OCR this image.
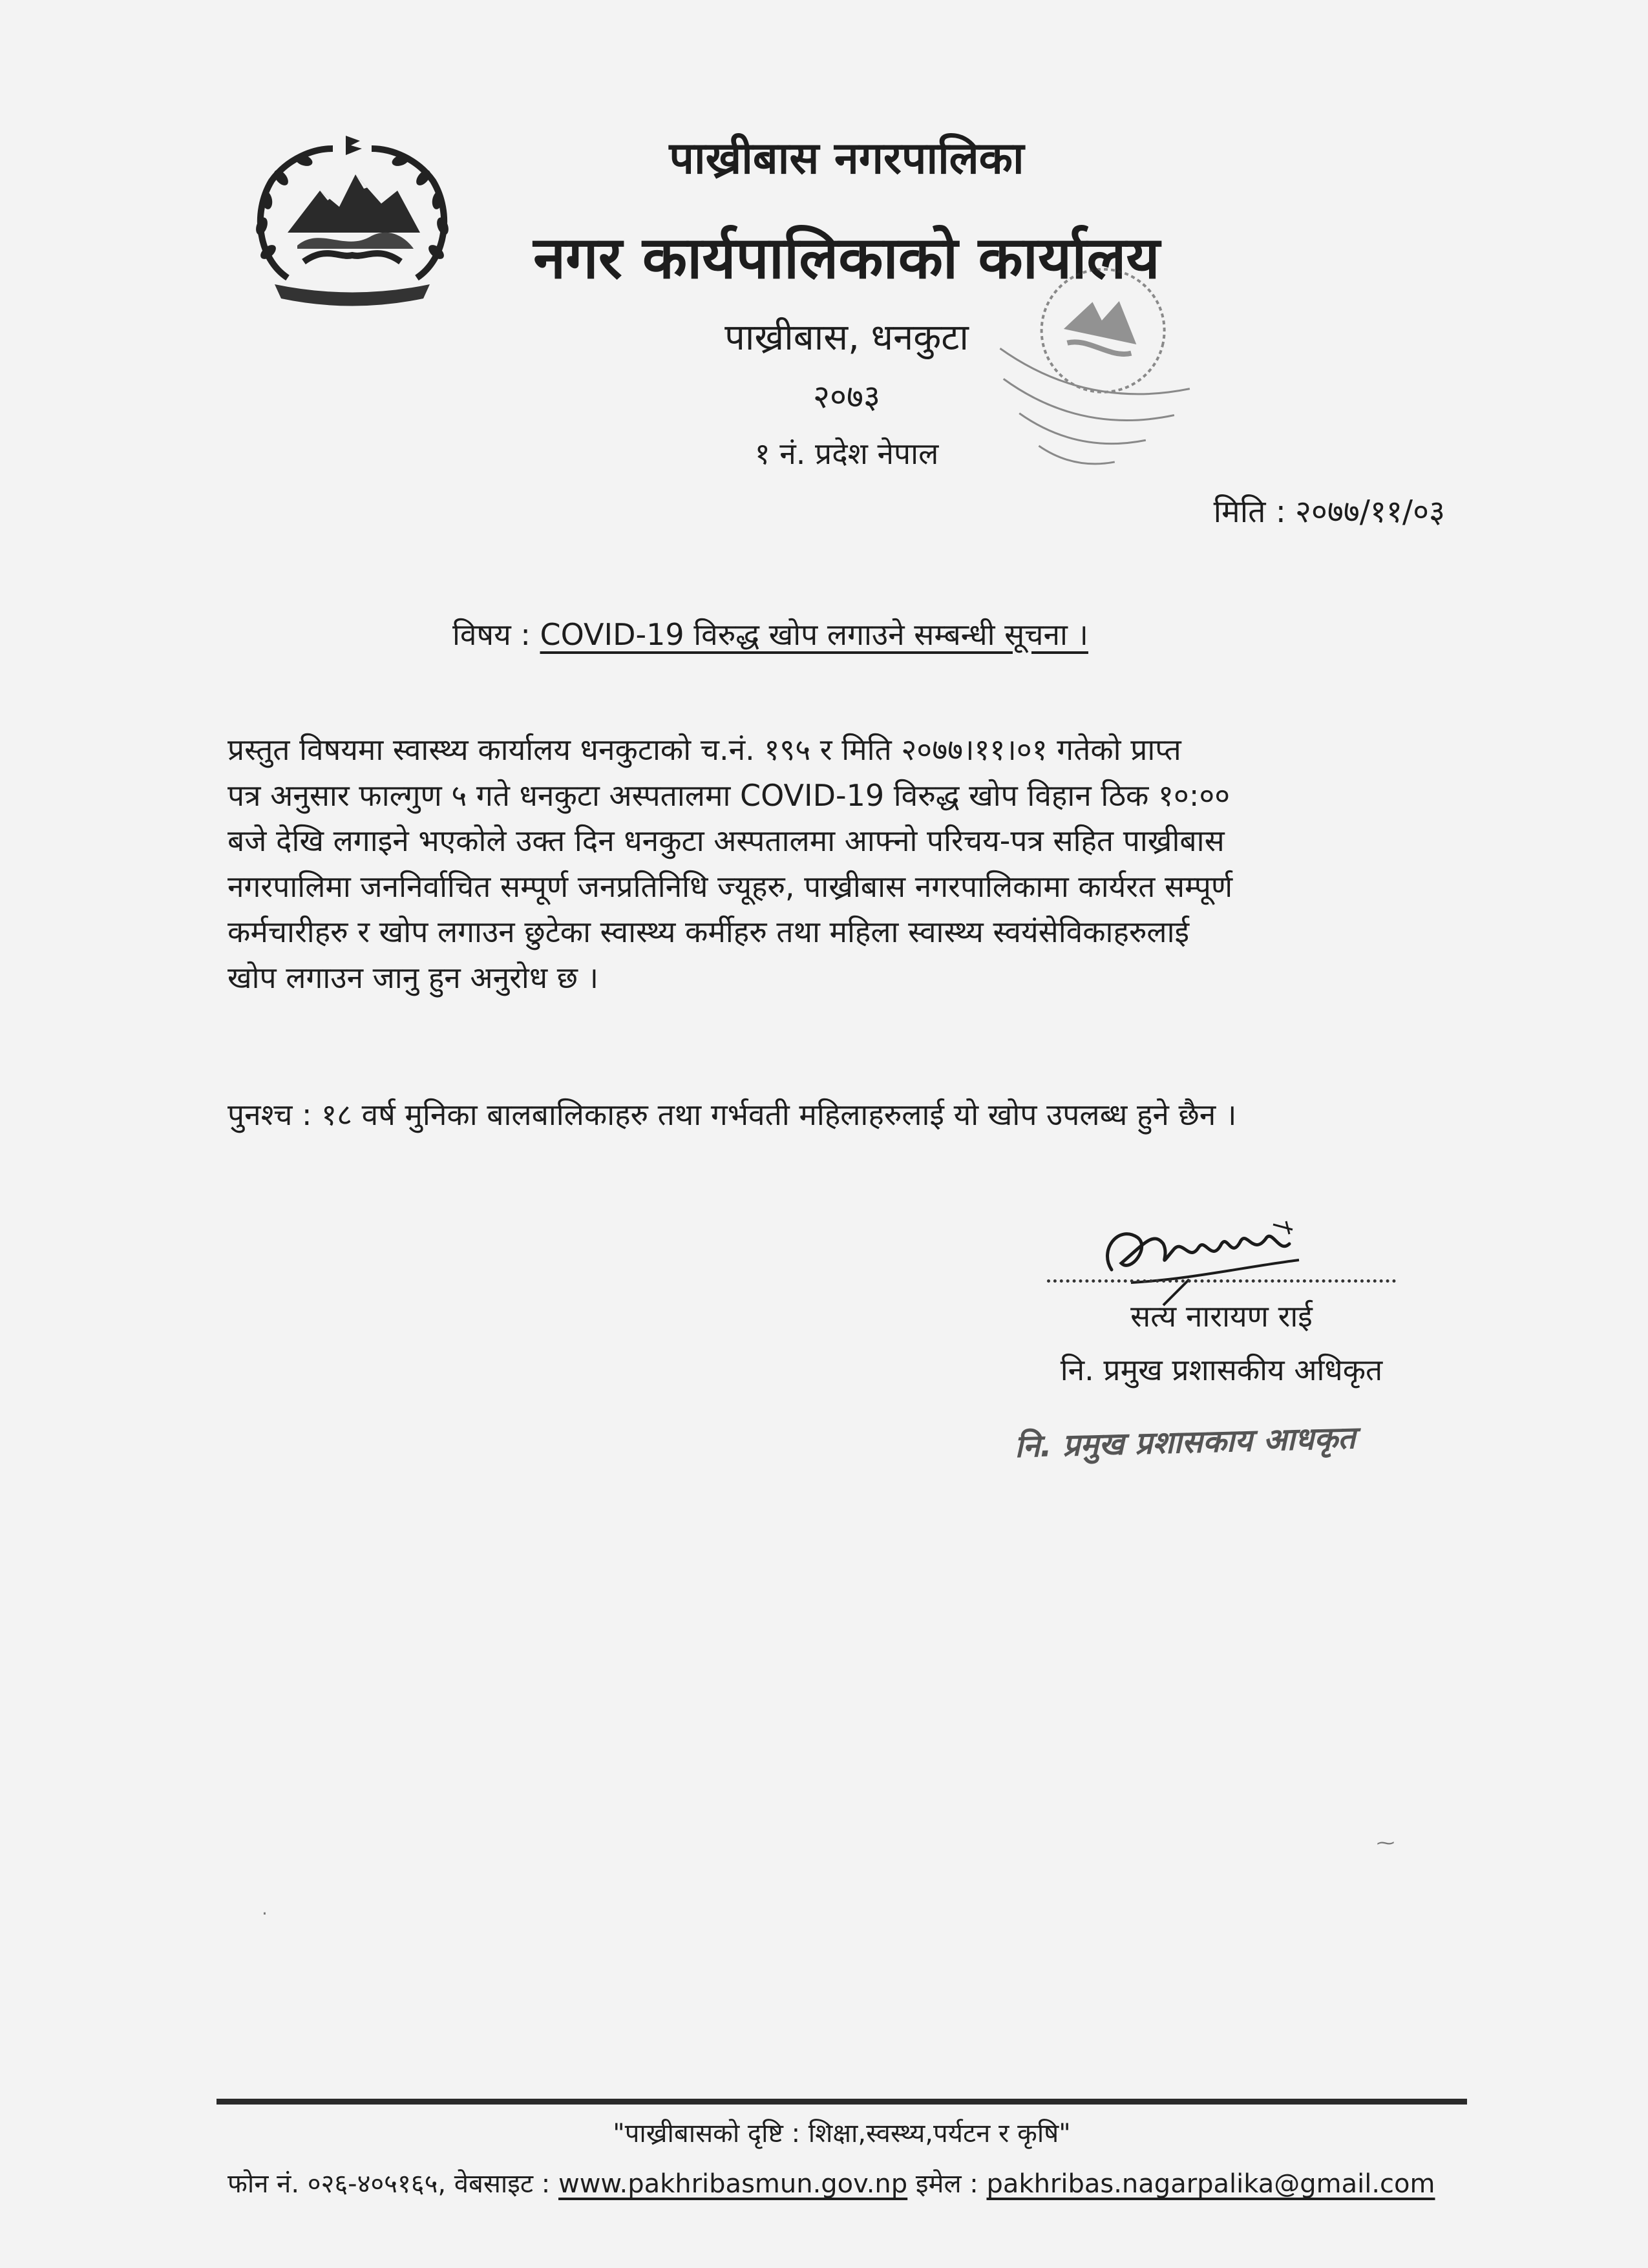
पाख्रीबास नगरपालिका
नगर कार्यपालिकाको कार्यालय
पाख्रीबास, धनकुटा
२०७३
१ नं. प्रदेश नेपाल
मिति : २०७७/११/०३
विषय : COVID-19 विरुद्ध खोप लगाउने सम्बन्धी सूचना ।
प्रस्तुत विषयमा स्वास्थ्य कार्यालय धनकुटाको च.नं. १९५ र मिति २०७७।११।०१ गतेको प्राप्त
पत्र अनुसार फाल्गुण ५ गते धनकुटा अस्पतालमा COVID-19 विरुद्ध खोप विहान ठिक १०:००
बजे देखि लगाइने भएकोले उक्त दिन धनकुटा अस्पतालमा आफ्नो परिचय-पत्र सहित पाख्रीबास
नगरपालिमा जननिर्वाचित सम्पूर्ण जनप्रतिनिधि ज्यूहरु, पाख्रीबास नगरपालिकामा कार्यरत सम्पूर्ण
कर्मचारीहरु र खोप लगाउन छुटेका स्वास्थ्य कर्मीहरु तथा महिला स्वास्थ्य स्वयंसेविकाहरुलाई
खोप लगाउन जानु हुन अनुरोध छ ।
पुनश्च : १८ वर्ष मुनिका बालबालिकाहरु तथा गर्भवती महिलाहरुलाई यो खोप उपलब्ध हुने छैन ।
सत्य नारायण राई
नि. प्रमुख प्रशासकीय अधिकृत
नि. प्रमुख प्रशासकाय आधकृत
⁓
·
"पाख्रीबासको दृष्टि : शिक्षा,स्वस्थ्य,पर्यटन र कृषि"
फोन नं. ०२६-४०५१६५, वेबसाइट : www.pakhribasmun.gov.np इमेल : pakhribas.nagarpalika@gmail.com
